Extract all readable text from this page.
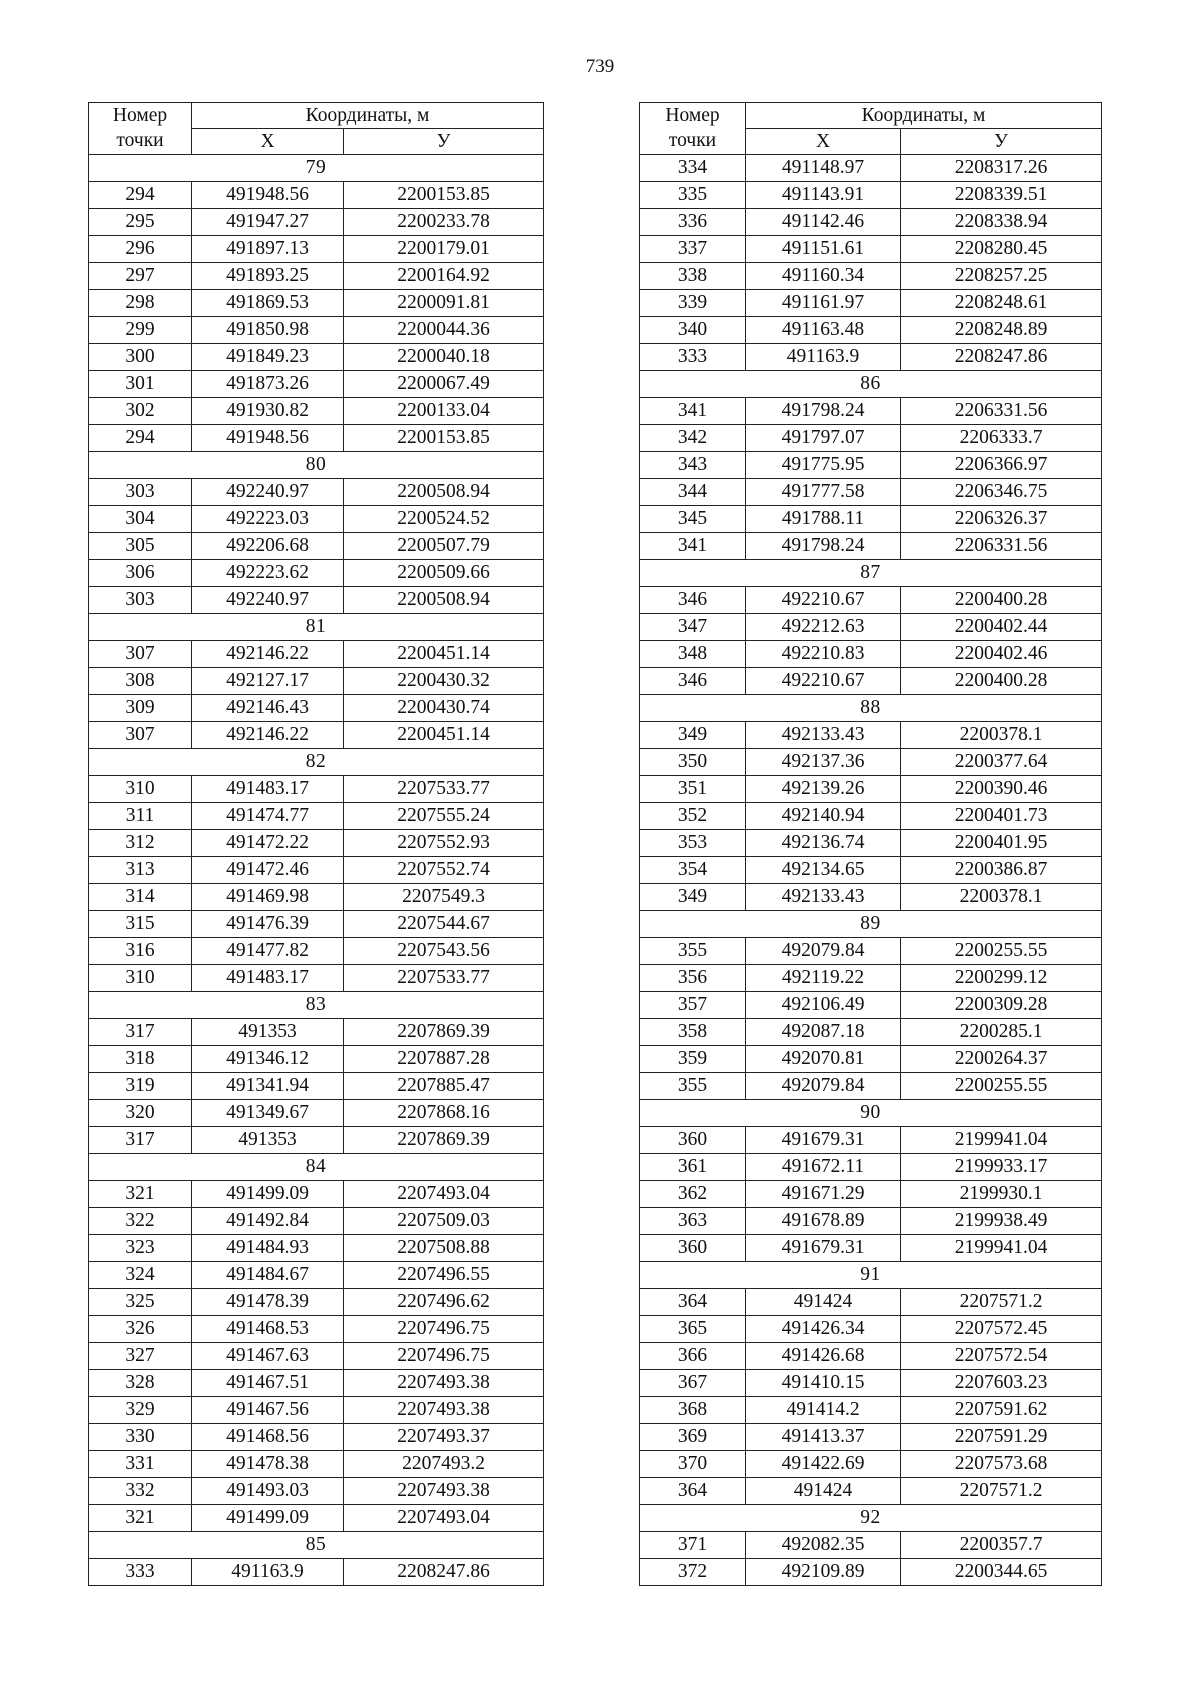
739
Номер точки	Координаты, м	
	X	У
79		
294	491948.56	2200153.85
295	491947.27	2200233.78
296	491897.13	2200179.01
297	491893.25	2200164.92
298	491869.53	2200091.81
299	491850.98	2200044.36
300	491849.23	2200040.18
301	491873.26	2200067.49
302	491930.82	2200133.04
294	491948.56	2200153.85
80		
303	492240.97	2200508.94
304	492223.03	2200524.52
305	492206.68	2200507.79
306	492223.62	2200509.66
303	492240.97	2200508.94
81		
307	492146.22	2200451.14
308	492127.17	2200430.32
309	492146.43	2200430.74
307	492146.22	2200451.14
82		
310	491483.17	2207533.77
311	491474.77	2207555.24
312	491472.22	2207552.93
313	491472.46	2207552.74
314	491469.98	2207549.3
315	491476.39	2207544.67
316	491477.82	2207543.56
310	491483.17	2207533.77
83		
317	491353	2207869.39
318	491346.12	2207887.28
319	491341.94	2207885.47
320	491349.67	2207868.16
317	491353	2207869.39
84		
321	491499.09	2207493.04
322	491492.84	2207509.03
323	491484.93	2207508.88
324	491484.67	2207496.55
325	491478.39	2207496.62
326	491468.53	2207496.75
327	491467.63	2207496.75
328	491467.51	2207493.38
329	491467.56	2207493.38
330	491468.56	2207493.37
331	491478.38	2207493.2
332	491493.03	2207493.38
321	491499.09	2207493.04
85		
333	491163.9	2208247.86
Номер точки	Координаты, м	
	X	У
334	491148.97	2208317.26
335	491143.91	2208339.51
336	491142.46	2208338.94
337	491151.61	2208280.45
338	491160.34	2208257.25
339	491161.97	2208248.61
340	491163.48	2208248.89
333	491163.9	2208247.86
86		
341	491798.24	2206331.56
342	491797.07	2206333.7
343	491775.95	2206366.97
344	491777.58	2206346.75
345	491788.11	2206326.37
341	491798.24	2206331.56
87		
346	492210.67	2200400.28
347	492212.63	2200402.44
348	492210.83	2200402.46
346	492210.67	2200400.28
88		
349	492133.43	2200378.1
350	492137.36	2200377.64
351	492139.26	2200390.46
352	492140.94	2200401.73
353	492136.74	2200401.95
354	492134.65	2200386.87
349	492133.43	2200378.1
89		
355	492079.84	2200255.55
356	492119.22	2200299.12
357	492106.49	2200309.28
358	492087.18	2200285.1
359	492070.81	2200264.37
355	492079.84	2200255.55
90		
360	491679.31	2199941.04
361	491672.11	2199933.17
362	491671.29	2199930.1
363	491678.89	2199938.49
360	491679.31	2199941.04
91		
364	491424	2207571.2
365	491426.34	2207572.45
366	491426.68	2207572.54
367	491410.15	2207603.23
368	491414.2	2207591.62
369	491413.37	2207591.29
370	491422.69	2207573.68
364	491424	2207571.2
92		
371	492082.35	2200357.7
372	492109.89	2200344.65
